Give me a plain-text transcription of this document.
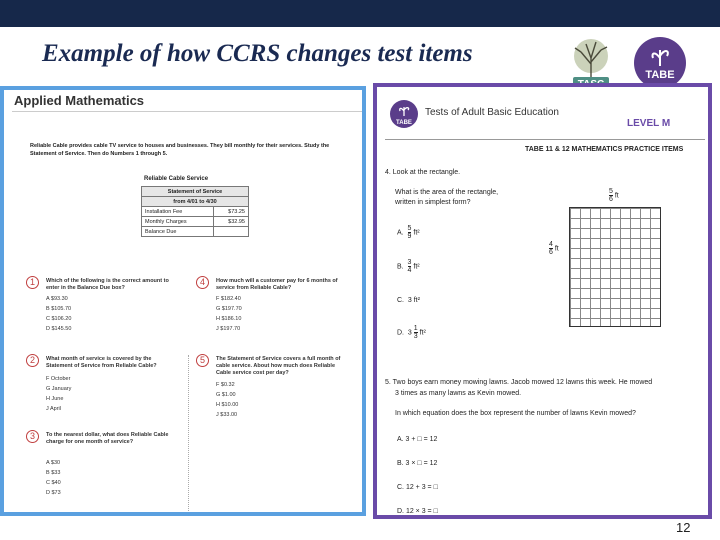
Example of how CCRS changes test items
TABE
Applied Mathematics
Reliable Cable provides cable TV service to houses and businesses. They bill monthly for their services. Study the Statement of Service. Then do Numbers 1 through 5.
Reliable Cable Service
Statement of Service	
from 4/01 to 4/30	
Installation Fee	$73.25
Monthly Charges	$32.95
Balance Due	
1	Which of the following is the correct amount to enter in the Balance Due box?
A $93.30
B $105.70
C $106.20
D $145.50
2	What month of service is covered by the Statement of Service from Reliable Cable?
F October
G January
H June
J April
3	To the nearest dollar, what does Reliable Cable charge for one month of service?
A $30
B $33
C $40
D $73
4	How much will a customer pay for 6 months of service from Reliable Cable?
F $182.40
G $197.70
H $186.10
J $197.70
5	The Statement of Service covers a full month of cable service. About how much does Reliable Cable service cost per day?
F $0.32
G $1.00
H $10.00
J $33.00
TABE
Tests of Adult Basic Education
LEVEL M
TABE 11 & 12 MATHEMATICS PRACTICE ITEMS
4. Look at the rectangle.
What is the area of the rectangle,
written in simplest form?	$\frac{5}{6}$ ft
$\frac{4}{6}$ ft
A. $\frac{5}{9} ft^2$
B. $\frac{3}{4} ft^2$
C. 3 ft²
D. $3 \frac{1}{3} ft^2$
5. Two boys earn money mowing lawns. Jacob mowed 12 lawns this week. He mowed
3 times as many lawns as Kevin mowed.
In which equation does the box represent the number of lawns Kevin mowed?
A. 3 + □ = 12
B. 3 × □ = 12
C. 12 + 3 = □
D. 12 × 3 = □
12
